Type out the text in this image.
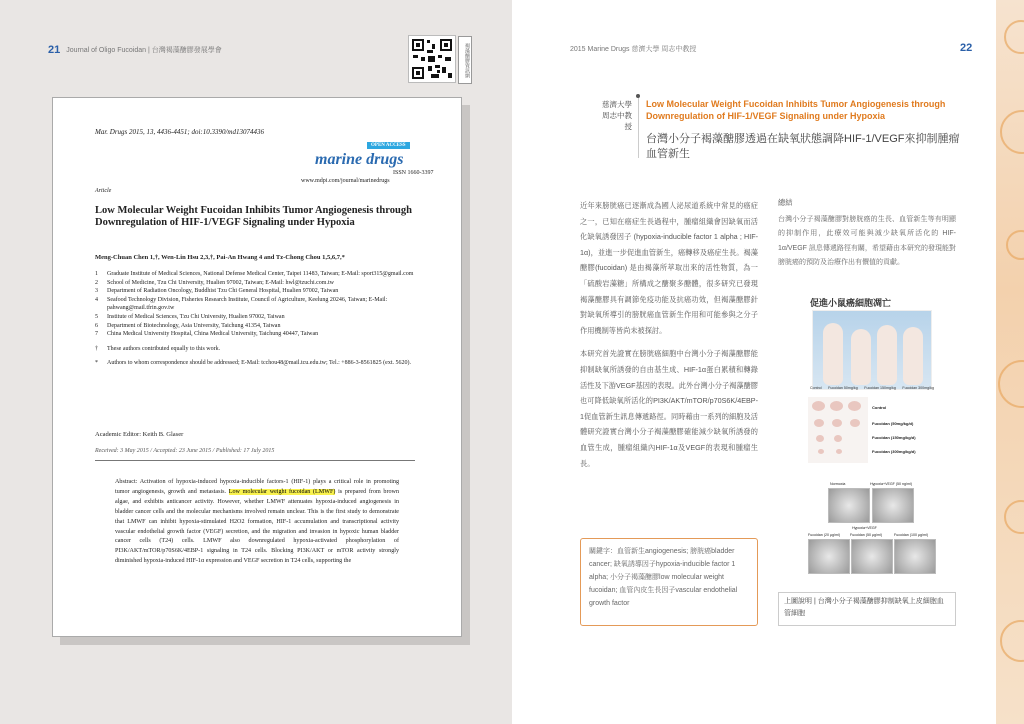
21 Journal of Oligo Fucoidan | 台灣褐藻醣膠發展學會	褐藻醣膠資訊網
Mar. Drugs 2015, 13, 4436-4451; doi:10.3390/md13074436
OPEN ACCESS
marine drugs
ISSN 1660-3397
www.mdpi.com/journal/marinedrugs
Article
Low Molecular Weight Fucoidan Inhibits Tumor Angiogenesis through Downregulation of HIF-1/VEGF Signaling under Hypoxia
Meng-Chuan Chen 1,†, Wen-Lin Hsu 2,3,†, Pai-An Hwang 4 and Tz-Chong Chou 1,5,6,7,*
1	Graduate Institute of Medical Sciences, National Defense Medical Center, Taipei 11483, Taiwan; E-Mail: sport315@gmail.com
2	School of Medicine, Tzu Chi University, Hualien 97002, Taiwan; E-Mail: hwl@tzuchi.com.tw
3	Department of Radiation Oncology, Buddhist Tzu Chi General Hospital, Hualien 97002, Taiwan
4	Seafood Technology Division, Fisheries Research Institute, Council of Agriculture, Keelung 20246, Taiwan; E-Mail: pahwang@mail.tfrin.gov.tw
5	Institute of Medical Sciences, Tzu Chi University, Hualien 97002, Taiwan
6	Department of Biotechnology, Asia University, Taichung 41354, Taiwan
7	China Medical University Hospital, China Medical University, Taichung 40447, Taiwan
†	These authors contributed equally to this work.
*	Authors to whom correspondence should be addressed; E-Mail: tcchou48@mail.tcu.edu.tw; Tel.: +886-3-8561825 (ext. 5620).
Academic Editor: Keith B. Glaser
Received: 3 May 2015 / Accepted: 23 June 2015 / Published: 17 July 2015
Abstract: Activation of hypoxia-induced hypoxia-inducible factors-1 (HIF-1) plays a critical role in promoting tumor angiogenesis, growth and metastasis. Low molecular weight fucoidan (LMWF) is prepared from brown algae, and exhibits anticancer activity. However, whether LMWF attenuates hypoxia-induced angiogenesis in bladder cancer cells and the molecular mechanisms involved remain unclear. This is the first study to demonstrate that LMWF can inhibit hypoxia-stimulated H2O2 formation, HIF-1 accumulation and transcriptional activity vascular endothelial growth factor (VEGF) secretion, and the migration and invasion in hypoxic human bladder cancer cells (T24) cells. LMWF also downregulated hypoxia-activated phosphorylation of PI3K/AKT/mTOR/p70S6K/4EBP-1 signaling in T24 cells. Blocking PI3K/AKT or mTOR activity strongly diminished hypoxia-induced HIF-1α expression and VEGF secretion in T24 cells, supporting the
2015 Marine Drugs 慈濟大學 周志中教授	22
慈濟大學 周志中教授
Low Molecular Weight Fucoidan Inhibits Tumor Angiogenesis through Downregulation of HIF-1/VEGF Signaling under Hypoxia
台灣小分子褐藻醣膠透過在缺氧狀態調降HIF-1/VEGF來抑制腫瘤血管新生

近年來膀胱癌已逐漸成為國人泌尿道系統中常見的癌症之一，已知在癌症生長過程中，腫瘤組織會因缺氧而活化缺氧誘發因子 (hypoxia-inducible factor 1 alpha ; HIF-1α)，並進一步促進血管新生，癌轉移及癌症生長。褐藻醣膠(fucoidan) 是由褐藻所萃取出來的活性物質，為一「硫酸岩藻糖」所構成之醣聚多醣體，很多研究已發現褐藻醣膠具有調節免疫功能及抗癌功效，但褐藻醣膠針對缺氧所導引的膀胱癌血管新生作用和可能參與之分子作用機制等皆尚未被探討。

本研究首先證實在膀胱癌細胞中台灣小分子褐藻醣膠能抑制缺氧所誘發的自由基生成、HIF-1α蛋白累積和轉錄活性及下游VEGF基因的表現。此外台灣小分子褐藻醣膠也可降低缺氧所活化的PI3K/AKT/mTOR/p70S6K/4EBP-1促血管新生訊息傳遞路徑。同時藉由一系列的細胞及活體研究證實台灣小分子褐藻醣膠確能減少缺氧所誘發的血管生成，腫瘤組織內HIF-1α及VEGF的表現和腫瘤生長。

關鍵字：血管新生angiogenesis; 膀胱癌bladder cancer; 缺氧誘導因子hypoxia-inducible factor 1 alpha; 小分子褐藻醣膠low molecular weight fucoidan; 血管內皮生長因子vascular endothelial growth factor
總結
台灣小分子褐藻醣膠對膀胱癌的生長、血管新生等有明顯的抑制作用，此療效可能與減少缺氧所活化的 HIF-1α/VEGF 訊息傳遞路徑有關，希望藉由本研究的發現能對膀胱癌的預防及治療作出有價值的貢獻。
促進小鼠癌細胞凋亡
Control Fucoidan 50mg/kg Fucoidan 150mg/kg Fucoidan 300mg/kg
Control
Fucoidan (50mg/kg/d)
Fucoidan (150mg/kg/d)
Fucoidan (300mg/kg/d)
Normoxia	Hypoxia+VEGF (50 ng/ml)
Hypoxia+VEGF
Fucoidan (20 μg/ml)	Fucoidan (50 μg/ml)	Fucoidan (100 μg/ml)
上圖說明 | 台灣小分子褐藻醣膠抑制缺氧上皮細胞血管細胞
